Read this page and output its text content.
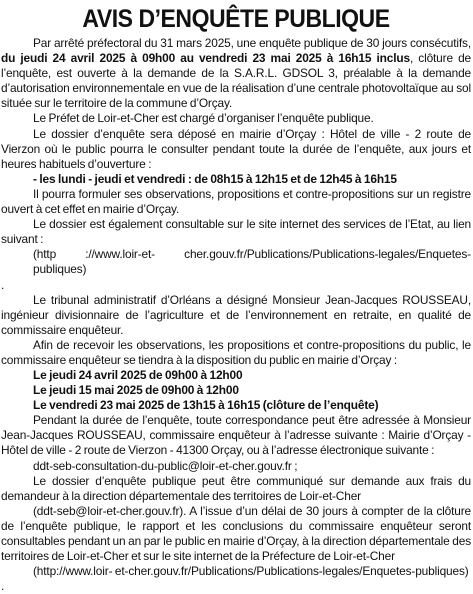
AVIS D’ENQUÊTE PUBLIQUE

Par arrêté préfectoral du 31 mars 2025, une enquête publique de 30 jours consécutifs, du jeudi 24 avril 2025 à 09h00 au vendredi 23 mai 2025 à 16h15 inclus, clôture de l’enquête, est ouverte à la demande de la S.A.R.L. GDSOL 3, préalable à la demande d’autorisation environnementale en vue de la réalisation d’une centrale photovoltaïque au sol située sur le territoire de la commune d’Orçay.

Le Préfet de Loir-et-Cher est chargé d’organiser l’enquête publique.

Le dossier d’enquête sera déposé en mairie d’Orçay : Hôtel de ville - 2 route de Vierzon où le public pourra le consulter pendant toute la durée de l’enquête, aux jours et heures habituels d’ouverture :

- les lundi - jeudi et vendredi : de 08h15 à 12h15 et de 12h45 à 16h15

Il pourra formuler ses observations, propositions et contre-propositions sur un registre ouvert à cet effet en mairie d’Orçay.

Le dossier est également consultable sur le site internet des services de l’Etat, au lien suivant :

(http ://www.loir-et- cher.gouv.fr/Publications/Publications-legales/Enquetes-publiques)

.

Le tribunal administratif d’Orléans a désigné Monsieur Jean-Jacques ROUSSEAU, ingénieur divisionnaire de l’agriculture et de l’environnement en retraite, en qualité de commissaire enquêteur.

Afin de recevoir les observations, les propositions et contre-propositions du public, le commissaire enquêteur se tiendra à la disposition du public en mairie d’Orçay :

Le jeudi 24 avril 2025 de 09h00 à 12h00

Le jeudi 15 mai 2025 de 09h00 à 12h00

Le vendredi 23 mai 2025 de 13h15 à 16h15 (clôture de l’enquête)

Pendant la durée de l’enquête, toute correspondance peut être adressée à Monsieur Jean-Jacques ROUSSEAU, commissaire enquêteur à l’adresse suivante : Mairie d’Orçay - Hôtel de ville - 2 route de Vierzon - 41300 Orçay, ou à l’adresse électronique suivante :

ddt-seb-consultation-du-public@loir-et-cher.gouv.fr ;

Le dossier d’enquête publique peut être communiqué sur demande aux frais du demandeur à la direction départementale des territoires de Loir-et-Cher

(ddt-seb@loir-et-cher.gouv.fr). A l’issue d’un délai de 30 jours à compter de la clôture de l’enquête publique, le rapport et les conclusions du commissaire enquêteur seront consultables pendant un an par le public en mairie d’Orçay, à la direction départementale des territoires de Loir-et-Cher et sur le site internet de la Préfecture de Loir-et-Cher

(http://www.loir- et-cher.gouv.fr/Publications/Publications-legales/Enquetes-publiques)

.
